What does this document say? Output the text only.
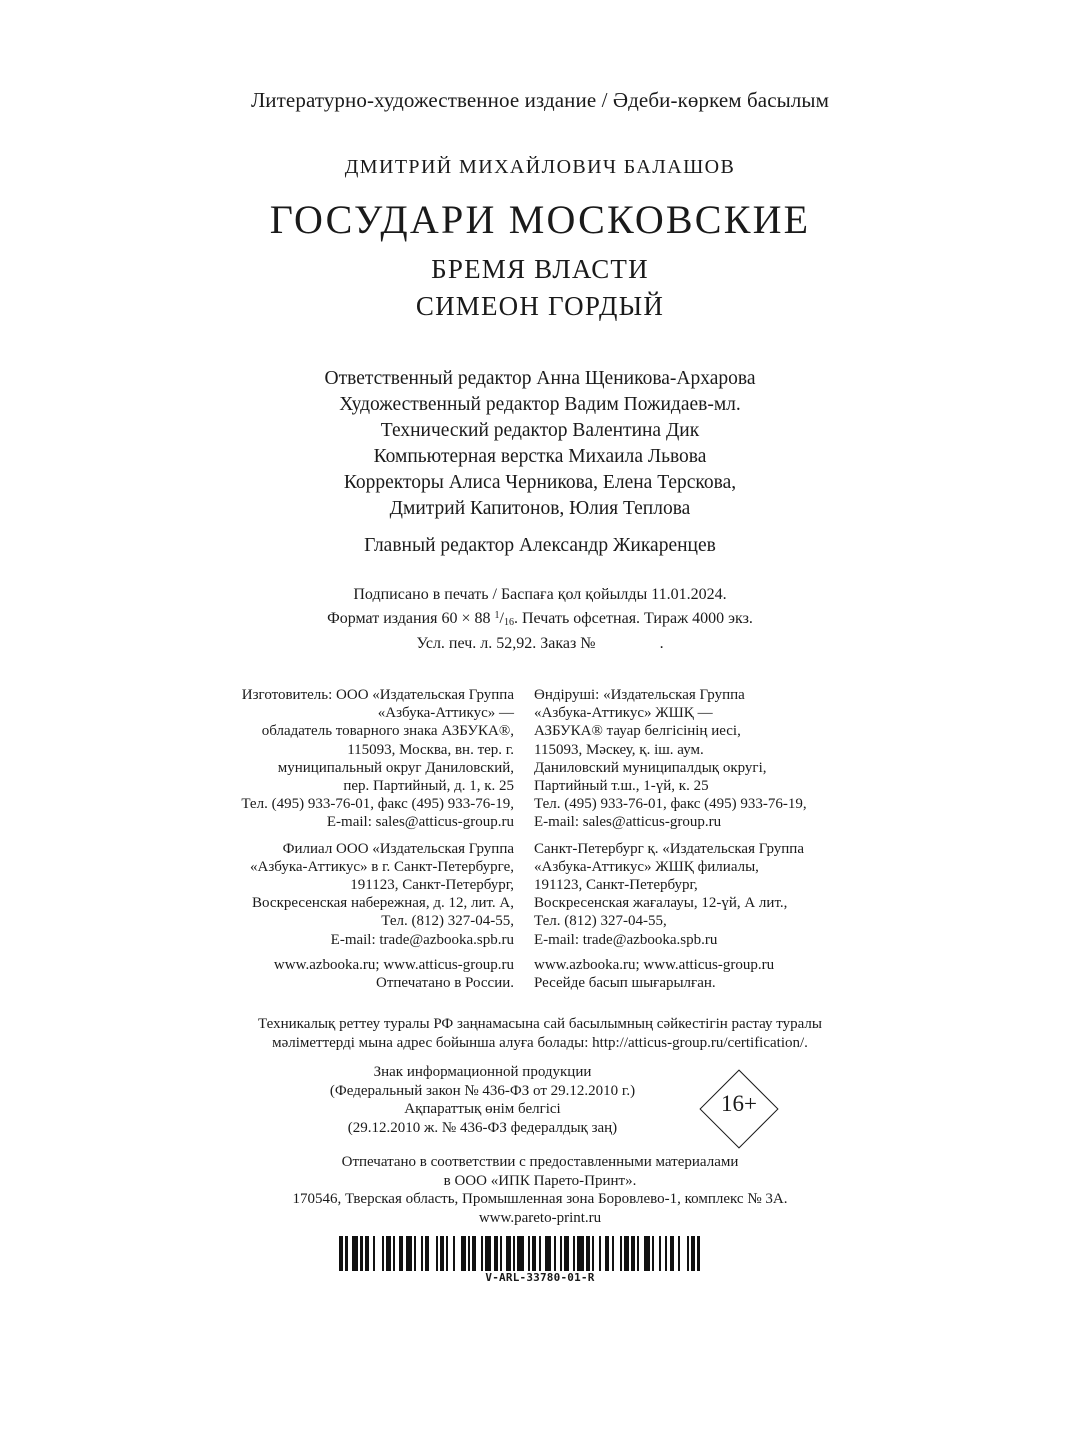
Литературно-художественное издание / Әдеби-көркем басылым
ДМИТРИЙ МИХАЙЛОВИЧ БАЛАШОВ
ГОСУДАРИ МОСКОВСКИЕ
БРЕМЯ ВЛАСТИ
СИМЕОН ГОРДЫЙ
Ответственный редактор Анна Щеникова-Архарова
Художественный редактор Вадим Пожидаев-мл.
Технический редактор Валентина Дик
Компьютерная верстка Михаила Львова
Корректоры Алиса Черникова, Елена Терскова,
Дмитрий Капитонов, Юлия Теплова
Главный редактор Александр Жикаренцев
Подписано в печать / Баспаға қол қойылды 11.01.2024.
Формат издания 60 × 88 $^1/_{16}$. Печать офсетная. Тираж 4000 экз.
Усл. печ. л. 52,92. Заказ №                .
Изготовитель: ООО «Издательская Группа
«Азбука-Аттикус» —
обладатель товарного знака АЗБУКА®,
115093, Москва, вн. тер. г.
муниципальный округ Даниловский,
пер. Партийный, д. 1, к. 25
Тел. (495) 933-76-01, факс (495) 933-76-19,
E-mail: sales@atticus-group.ru
Филиал ООО «Издательская Группа
«Азбука-Аттикус» в г. Санкт-Петербурге,
191123, Санкт-Петербург,
Воскресенская набережная, д. 12, лит. А,
Тел. (812) 327-04-55,
E-mail: trade@azbooka.spb.ru
www.azbooka.ru; www.atticus-group.ru
Отпечатано в России.
Өндіруші: «Издательская Группа
«Азбука-Аттикус» ЖШҚ —
АЗБУКА® тауар белгісінің иесі,
115093, Мәскеу, қ. іш. аум.
Даниловский муниципалдық округі,
Партийный т.ш., 1-үй, к. 25
Тел. (495) 933-76-01, факс (495) 933-76-19,
E-mail: sales@atticus-group.ru
Санкт-Петербург қ. «Издательская Группа
«Азбука-Аттикус» ЖШҚ филиалы,
191123, Санкт-Петербург,
Воскресенская жағалауы, 12-үй, А лит.,
Тел. (812) 327-04-55,
E-mail: trade@azbooka.spb.ru
www.azbooka.ru; www.atticus-group.ru
Ресейде басып шығарылған.
Техникалық реттеу туралы РФ заңнамасына сай басылымның сәйкестігін растау туралы
мәліметтерді мына адрес бойынша алуға болады: http://atticus-group.ru/certification/.
Знак информационной продукции
(Федеральный закон № 436-ФЗ от 29.12.2010 г.)
Ақпараттық өнім белгісі
(29.12.2010 ж. № 436-ФЗ федералдық заң)
16+
Отпечатано в соответствии с предоставленными материалами
в ООО «ИПК Парето-Принт».
170546, Тверская область, Промышленная зона Боровлево-1, комплекс № 3А.
www.pareto-print.ru
V-ARL-33780-01-R
